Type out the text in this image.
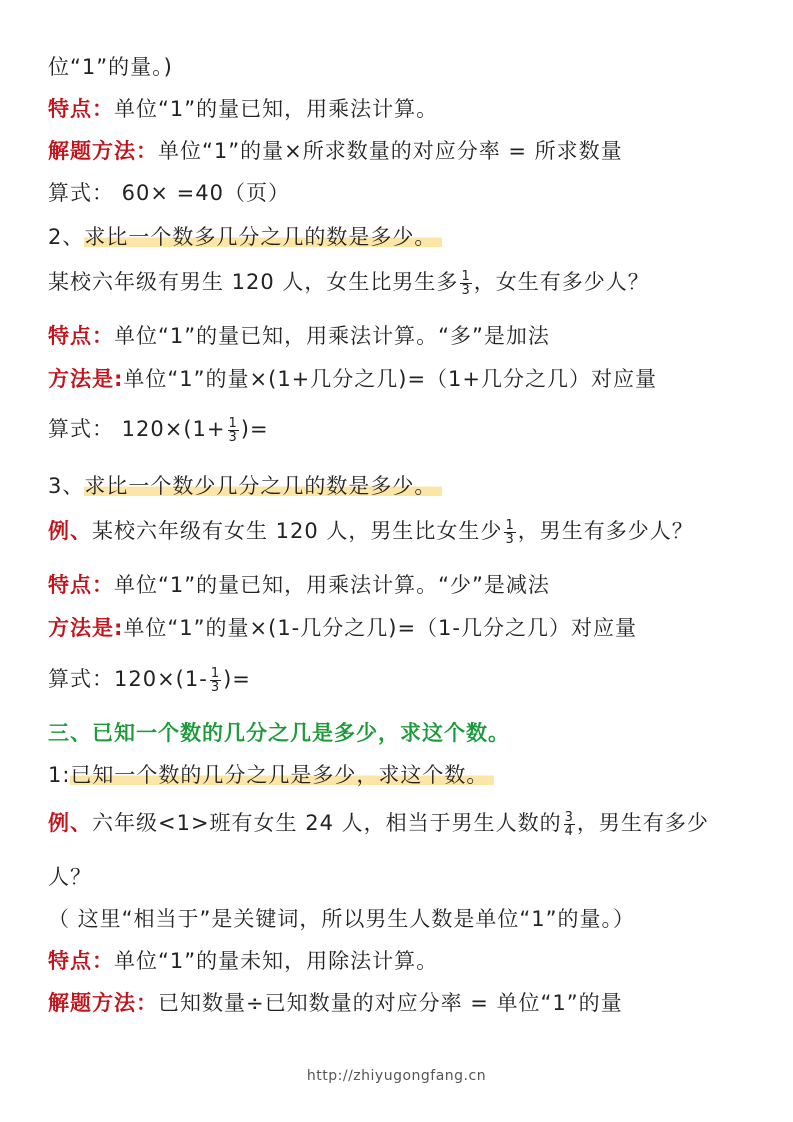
位“1”的量。)
特点：单位“1”的量已知，用乘法计算。
解题方法：单位“1”的量×所求数量的对应分率 = 所求数量
算式： 60× =40（页）
2、求比一个数多几分之几的数是多少。
某校六年级有男生 120 人，女生比男生多 $\frac{1}{3}$ ，女生有多少人？
特点：单位“1”的量已知，用乘法计算。“多”是加法
方法是:单位“1”的量×(1+几分之几)=（1+几分之几）对应量
算式： $120\times(1+ \frac{1}{3}$ )=
3、求比一个数少几分之几的数是多少。
例、某校六年级有女生 120 人，男生比女生少 $\frac{1}{3}$ ，男生有多少人？
特点：单位“1”的量已知，用乘法计算。“少”是减法
方法是:单位“1”的量×(1-几分之几)=（1-几分之几）对应量
算式：$120\times(1- \frac{1}{3}$ )=
三、已知一个数的几分之几是多少，求这个数。
1:已知一个数的几分之几是多少，求这个数。
例、六年级<1>班有女生 24 人，相当于男生人数的 $\frac{3}{4}$ ，男生有多少
人？
（ 这里“相当于”是关键词，所以男生人数是单位“1”的量。）
特点：单位“1”的量未知，用除法计算。
解题方法：已知数量÷已知数量的对应分率 = 单位“1”的量
http://zhiyugongfang.cn
